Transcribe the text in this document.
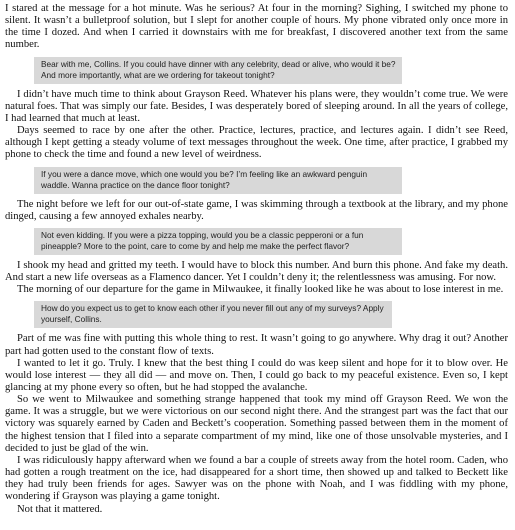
I stared at the message for a hot minute. Was he serious? At four in the morning? Sighing, I switched my phone to silent. It wasn’t a bulletproof solution, but I slept for another couple of hours. My phone vibrated only once more in the time I dozed. And when I carried it downstairs with me for breakfast, I discovered another text from the same number.

Bear with me, Collins. If you could have dinner with any celebrity, dead or alive, who would it be? And more importantly, what are we ordering for takeout tonight?

I didn’t have much time to think about Grayson Reed. Whatever his plans were, they wouldn’t come true. We were natural foes. That was simply our fate. Besides, I was desperately bored of sleeping around. In all the years of college, I had learned that much at least.

Days seemed to race by one after the other. Practice, lectures, practice, and lectures again. I didn’t see Reed, although I kept getting a steady volume of text messages throughout the week. One time, after practice, I grabbed my phone to check the time and found a new level of weirdness.

If you were a dance move, which one would you be? I’m feeling like an awkward penguin waddle. Wanna practice on the dance floor tonight?

The night before we left for our out-of-state game, I was skimming through a textbook at the library, and my phone dinged, causing a few annoyed exhales nearby.

Not even kidding. If you were a pizza topping, would you be a classic pepperoni or a fun pineapple? More to the point, care to come by and help me make the perfect flavor?

I shook my head and gritted my teeth. I would have to block this number. And burn this phone. And fake my death. And start a new life overseas as a Flamenco dancer. Yet I couldn’t deny it; the relentlessness was amusing. For now.

The morning of our departure for the game in Milwaukee, it finally looked like he was about to lose interest in me.

How do you expect us to get to know each other if you never fill out any of my surveys? Apply yourself, Collins.

Part of me was fine with putting this whole thing to rest. It wasn’t going to go anywhere. Why drag it out? Another part had gotten used to the constant flow of texts.

I wanted to let it go. Truly. I knew that the best thing I could do was keep silent and hope for it to blow over. He would lose interest — they all did — and move on. Then, I could go back to my peaceful existence. Even so, I kept glancing at my phone every so often, but he had stopped the avalanche.

So we went to Milwaukee and something strange happened that took my mind off Grayson Reed. We won the game. It was a struggle, but we were victorious on our second night there. And the strangest part was the fact that our victory was squarely earned by Caden and Beckett’s cooperation. Something passed between them in the moment of the highest tension that I filed into a separate compartment of my mind, like one of those unsolvable mysteries, and I decided to just be glad of the win.

I was ridiculously happy afterward when we found a bar a couple of streets away from the hotel room. Caden, who had gotten a rough treatment on the ice, had disappeared for a short time, then showed up and talked to Beckett like they had truly been friends for ages. Sawyer was on the phone with Noah, and I was fiddling with my phone, wondering if Grayson was playing a game tonight.

Not that it mattered.
